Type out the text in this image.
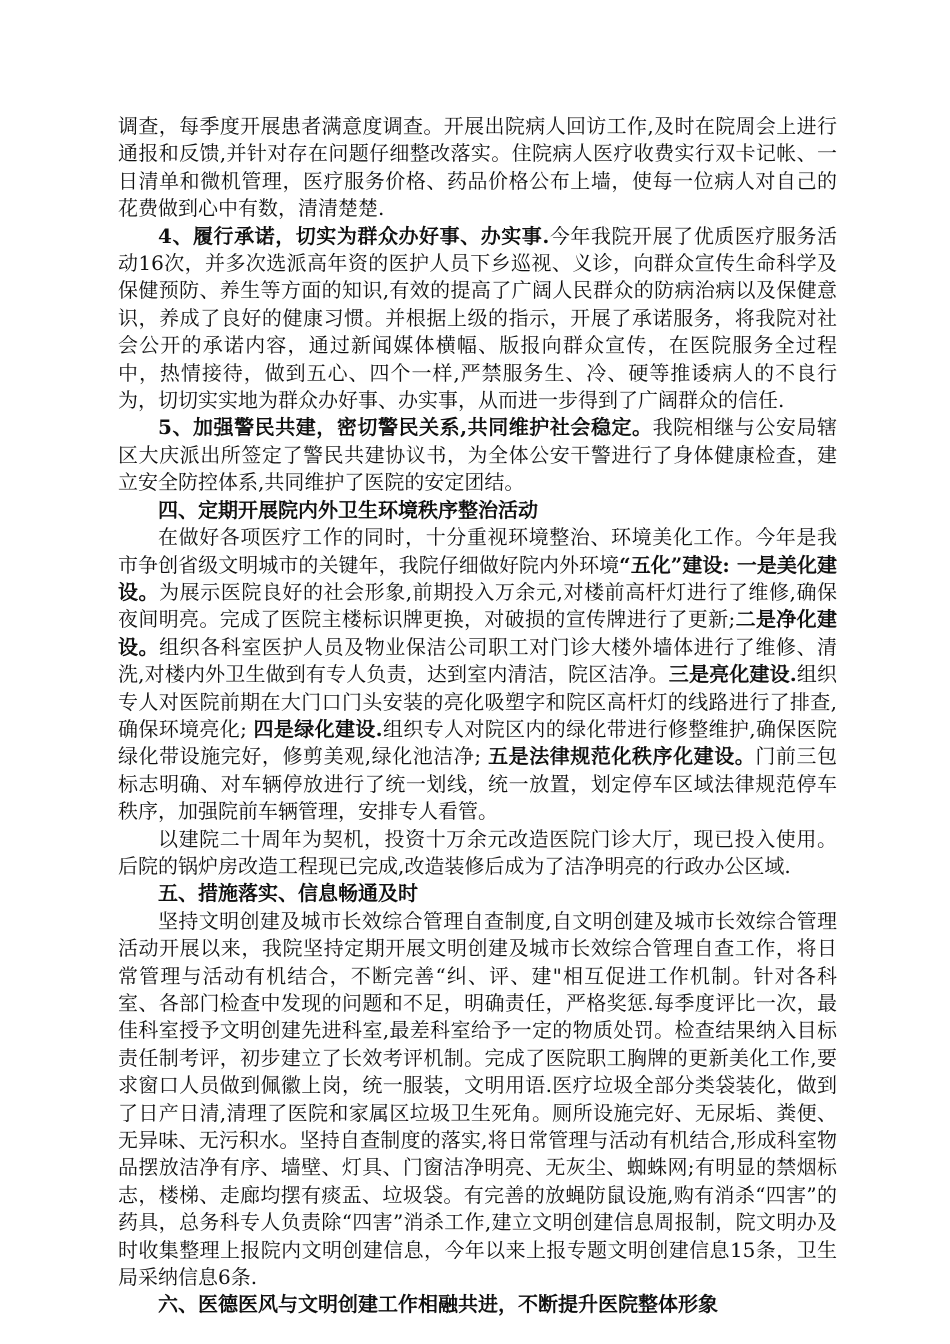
调查，每季度开展患者满意度调查。开展出院病人回访工作,及时在院周会上进行通报和反馈,并针对存在问题仔细整改落实。住院病人医疗收费实行双卡记帐、一日清单和微机管理，医疗服务价格、药品价格公布上墙，使每一位病人对自己的花费做到心中有数，清清楚楚.

4、履行承诺，切实为群众办好事、办实事.今年我院开展了优质医疗服务活动16次，并多次选派高年资的医护人员下乡巡视、义诊，向群众宣传生命科学及保健预防、养生等方面的知识,有效的提高了广阔人民群众的防病治病以及保健意识，养成了良好的健康习惯。并根据上级的指示，开展了承诺服务，将我院对社会公开的承诺内容，通过新闻媒体横幅、版报向群众宣传，在医院服务全过程中，热情接待，做到五心、四个一样,严禁服务生、冷、硬等推诿病人的不良行为，切切实实地为群众办好事、办实事，从而进一步得到了广阔群众的信任.

5、加强警民共建，密切警民关系,共同维护社会稳定。我院相继与公安局辖区大庆派出所签定了警民共建协议书，为全体公安干警进行了身体健康检查，建立安全防控体系,共同维护了医院的安定团结。

四、定期开展院内外卫生环境秩序整治活动

在做好各项医疗工作的同时，十分重视环境整治、环境美化工作。今年是我市争创省级文明城市的关键年，我院仔细做好院内外环境“五化”建设: 一是美化建设。为展示医院良好的社会形象,前期投入万余元,对楼前高杆灯进行了维修,确保夜间明亮。完成了医院主楼标识牌更换，对破损的宣传牌进行了更新;二是净化建设。组织各科室医护人员及物业保洁公司职工对门诊大楼外墙体进行了维修、清洗,对楼内外卫生做到有专人负责，达到室内清洁，院区洁净。三是亮化建设.组织专人对医院前期在大门口门头安装的亮化吸塑字和院区高杆灯的线路进行了排查,确保环境亮化; 四是绿化建设.组织专人对院区内的绿化带进行修整维护,确保医院绿化带设施完好，修剪美观,绿化池洁净; 五是法律规范化秩序化建设。门前三包标志明确、对车辆停放进行了统一划线，统一放置，划定停车区域法律规范停车秩序，加强院前车辆管理，安排专人看管。

以建院二十周年为契机，投资十万余元改造医院门诊大厅，现已投入使用。后院的锅炉房改造工程现已完成,改造装修后成为了洁净明亮的行政办公区域.

五、措施落实、信息畅通及时

坚持文明创建及城市长效综合管理自查制度,自文明创建及城市长效综合管理活动开展以来，我院坚持定期开展文明创建及城市长效综合管理自查工作，将日常管理与活动有机结合，不断完善“纠、评、建"相互促进工作机制。针对各科室、各部门检查中发现的问题和不足，明确责任，严格奖惩.每季度评比一次，最佳科室授予文明创建先进科室,最差科室给予一定的物质处罚。检查结果纳入目标责任制考评，初步建立了长效考评机制。完成了医院职工胸牌的更新美化工作,要求窗口人员做到佩徽上岗，统一服装，文明用语.医疗垃圾全部分类袋装化，做到了日产日清,清理了医院和家属区垃圾卫生死角。厕所设施完好、无尿垢、粪便、无异味、无污积水。坚持自查制度的落实,将日常管理与活动有机结合,形成科室物品摆放洁净有序、墙壁、灯具、门窗洁净明亮、无灰尘、蜘蛛网;有明显的禁烟标志，楼梯、走廊均摆有痰盂、垃圾袋。有完善的放蝇防鼠设施,购有消杀“四害”的药具，总务科专人负责除“四害”消杀工作,建立文明创建信息周报制，院文明办及时收集整理上报院内文明创建信息，今年以来上报专题文明创建信息15条，卫生局采纳信息6条.

六、医德医风与文明创建工作相融共进，不断提升医院整体形象
